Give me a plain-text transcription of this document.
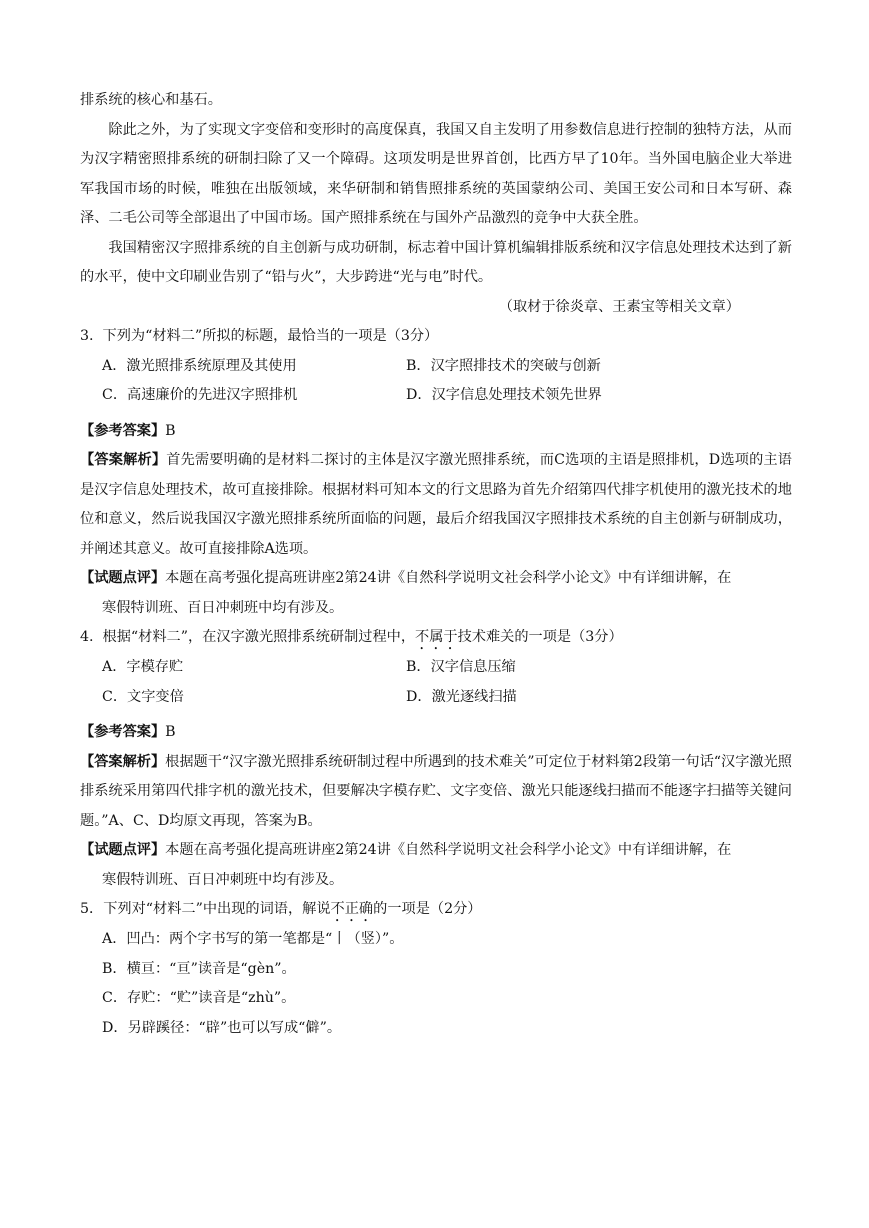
排系统的核心和基石。

除此之外，为了实现文字变倍和变形时的高度保真，我国又自主发明了用参数信息进行控制的独特方法，从而为汉字精密照排系统的研制扫除了又一个障碍。这项发明是世界首创，比西方早了10年。当外国电脑企业大举进军我国市场的时候，唯独在出版领域，来华研制和销售照排系统的英国蒙纳公司、美国王安公司和日本写研、森泽、二毛公司等全部退出了中国市场。国产照排系统在与国外产品激烈的竞争中大获全胜。

我国精密汉字照排系统的自主创新与成功研制，标志着中国计算机编辑排版系统和汉字信息处理技术达到了新的水平，使中文印刷业告别了“铅与火”，大步跨进“光与电”时代。

（取材于徐炎章、王素宝等相关文章）

3.  下列为“材料二”所拟的标题，最恰当的一项是（3分）

A．激光照排系统原理及其使用	B．汉字照排技术的突破与创新
C．高速廉价的先进汉字照排机	D．汉字信息处理技术领先世界

【参考答案】B

【答案解析】首先需要明确的是材料二探讨的主体是汉字激光照排系统，而C选项的主语是照排机，D选项的主语是汉字信息处理技术，故可直接排除。根据材料可知本文的行文思路为首先介绍第四代排字机使用的激光技术的地位和意义，然后说我国汉字激光照排系统所面临的问题，最后介绍我国汉字照排技术系统的自主创新与研制成功，并阐述其意义。故可直接排除A选项。

【试题点评】本题在高考强化提高班讲座2第24讲《自然科学说明文社会科学小论文》中有详细讲解，在

寒假特训班、百日冲刺班中均有涉及。

4.  根据“材料二”，在汉字激光照排系统研制过程中，不属于技术难关的一项是（3分）

A．字模存贮	B．汉字信息压缩
C．文字变倍	D．激光逐线扫描

【参考答案】B

【答案解析】根据题干“汉字激光照排系统研制过程中所遇到的技术难关”可定位于材料第2段第一句话“汉字激光照排系统采用第四代排字机的激光技术，但要解决字模存贮、文字变倍、激光只能逐线扫描而不能逐字扫描等关键问题。”A、C、D均原文再现，答案为B。

【试题点评】本题在高考强化提高班讲座2第24讲《自然科学说明文社会科学小论文》中有详细讲解，在

寒假特训班、百日冲刺班中均有涉及。

5．下列对“材料二”中出现的词语，解说不正确的一项是（2分）

A．凹凸：两个字书写的第一笔都是“丨（竖）”。

B．横亘：“亘”读音是“gèn”。

C．存贮：“贮”读音是“zhù”。

D．另辟蹊径：“辟”也可以写成“僻”。
